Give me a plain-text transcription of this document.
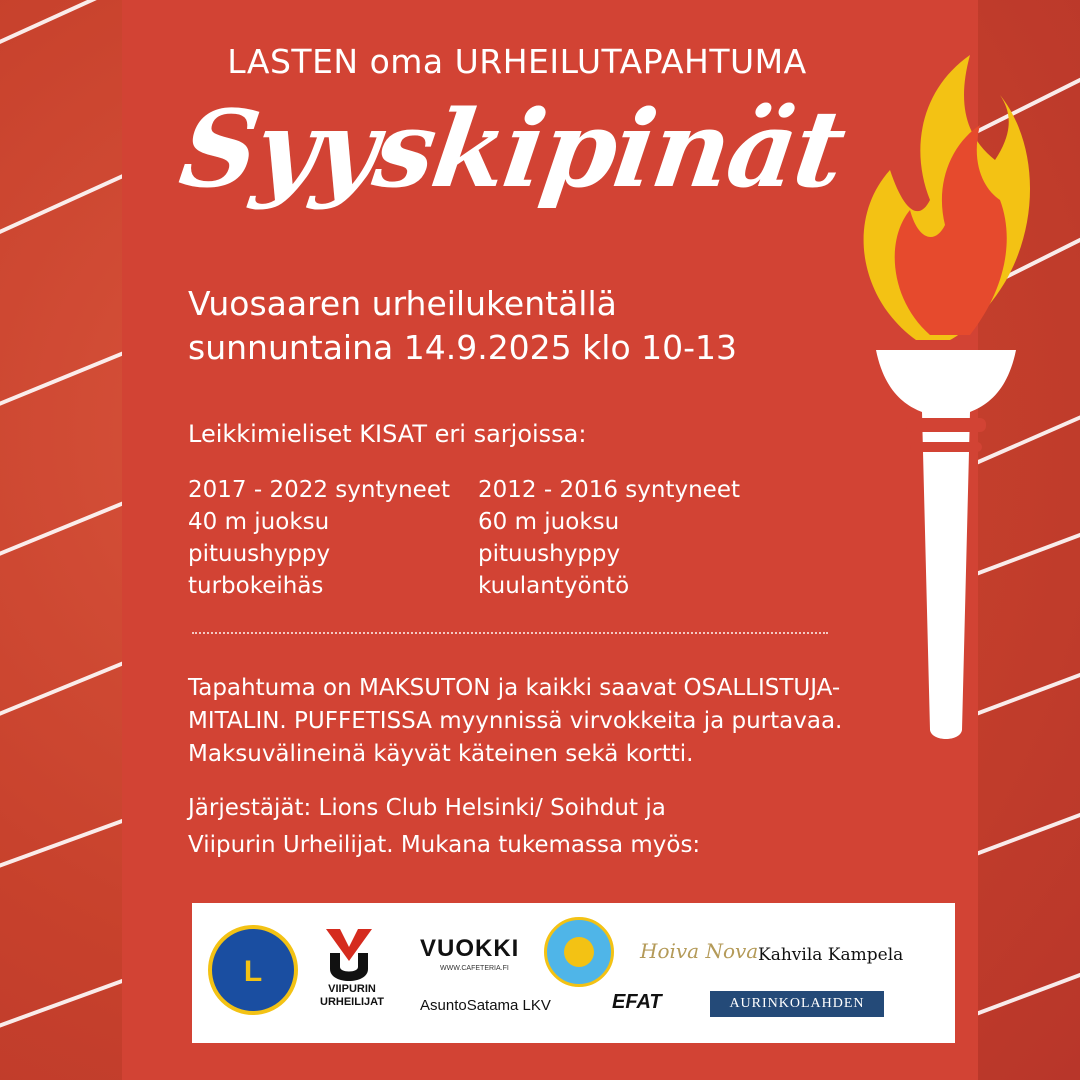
LASTEN oma URHEILUTAPAHTUMA
Syyskipinät
Vuosaaren urheilukentällä
sunnuntaina 14.9.2025 klo 10-13
Leikkimieliset KISAT eri sarjoissa:
2017 - 2022 syntyneet
40 m juoksu
pituushyppy
turbokeihäs
2012 - 2016 syntyneet
60 m juoksu
pituushyppy
kuulantyöntö
Tapahtuma on MAKSUTON ja kaikki saavat OSALLISTUJA-
MITALIN. PUFFETISSA myynnissä virvokkeita ja purtavaa.
Maksuvälineinä käyvät käteinen sekä kortti.
Järjestäjät: Lions Club Helsinki/ Soihdut ja
Viipurin Urheilijat. Mukana tukemassa myös:
L
VIIPURIN
URHEILIJAT
VUOKKI
WWW.CAFETERIA.FI
Hoiva Nova Kahvila Kampela
AsuntoSatama LKV	EFAT	AURINKOLAHDEN LAKI
